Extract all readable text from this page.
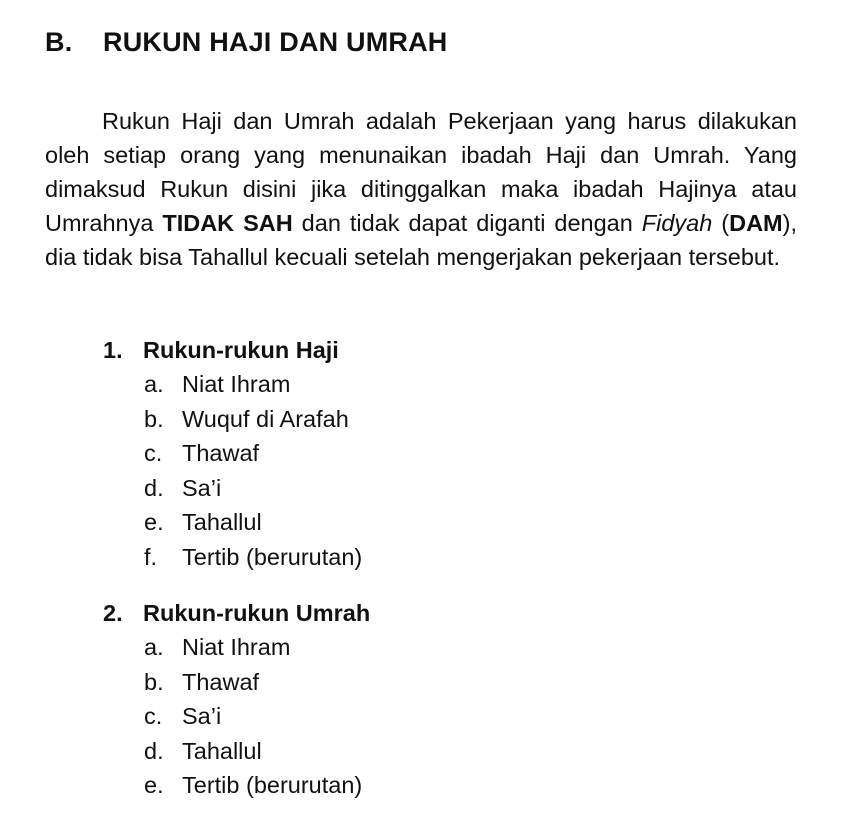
B. RUKUN HAJI DAN UMRAH

Rukun Haji dan Umrah adalah Pekerjaan yang harus dilakukan oleh setiap orang yang menunaikan ibadah Haji dan Umrah. Yang dimaksud Rukun disini jika ditinggalkan maka ibadah Hajinya atau Umrahnya TIDAK SAH dan tidak dapat diganti dengan Fidyah (DAM), dia tidak bisa Tahallul kecuali setelah mengerjakan pekerjaan tersebut.

1. Rukun-rukun Haji
a. Niat Ihram
b. Wuquf di Arafah
c. Thawaf
d. Sa’i
e. Tahallul
f. Tertib (berurutan)
2. Rukun-rukun Umrah
a. Niat Ihram
b. Thawaf
c. Sa’i
d. Tahallul
e. Tertib (berurutan)
